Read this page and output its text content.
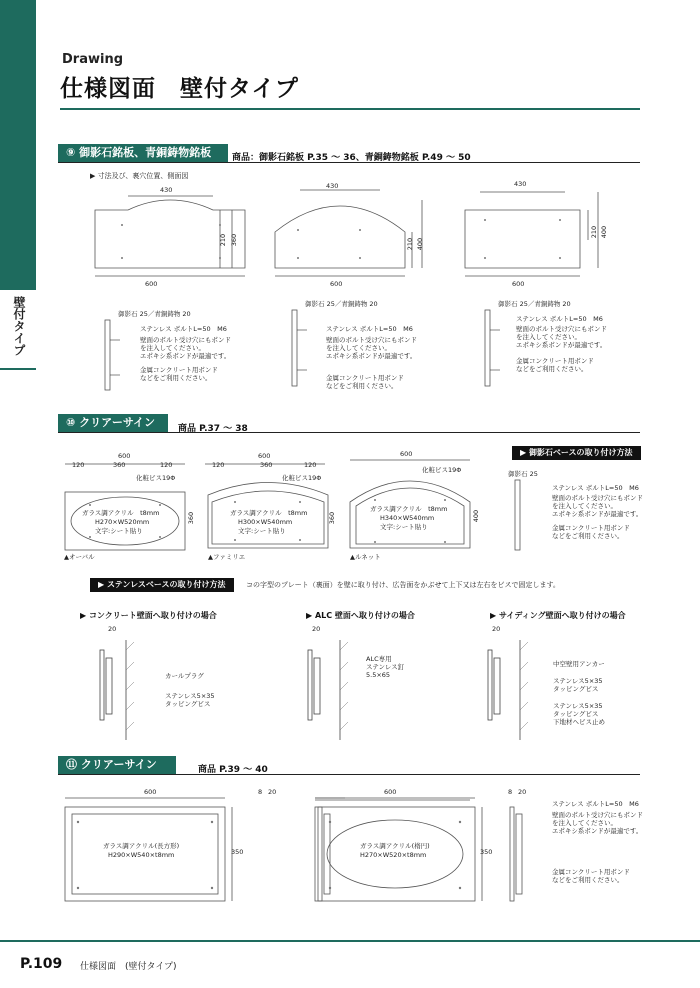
壁付タイプ
Drawing
仕様図面　壁付タイプ
⑨ 御影石銘板、青銅鋳物銘板	商品：御影石銘板 P.35 ～ 36、青銅鋳物銘板 P.49 ～ 50
▶ 寸法及び、裏穴位置、側面図
430
600
210 360
430
600
210 400
430
600
210 400
御影石 25／青銅鋳物 20
ステンレス ボルトL=50　M6
壁面のボルト受け穴にもボンド
を注入してください。
エポキシ系ボンドが最適です。
金属コンクリート用ボンド
などをご利用ください。
御影石 25／青銅鋳物 20
ステンレス ボルトL=50　M6
壁面のボルト受け穴にもボンド
を注入してください。
エポキシ系ボンドが最適です。
金属コンクリート用ボンド
などをご利用ください。
御影石 25／青銅鋳物 20
ステンレス ボルトL=50　M6
壁面のボルト受け穴にもボンド
を注入してください。
エポキシ系ボンドが最適です。
金属コンクリート用ボンド
などをご利用ください。
⑩ クリアーサイン	商品 P.37 ～ 38
600
120	360	120
化粧ビス19Φ
ガラス調アクリル　t8mm
H270×W520mm
文字:シート貼り
360
▲オーバル
600
120	360	120
化粧ビス19Φ
ガラス調アクリル　t8mm
H300×W540mm
文字:シート貼り
360
▲ファミリエ
600
化粧ビス19Φ
ガラス調アクリル　t8mm
H340×W540mm
文字:シート貼り
400
▲ルネット
▶ 御影石ベースの取り付け方法
御影石 25
ステンレス ボルトL=50　M6
壁面のボルト受け穴にもボンド
を注入してください。
エポキシ系ボンドが最適です。
金属コンクリート用ボンド
などをご利用ください。
▶ ステンレスベースの取り付け方法	コの字型のプレート（裏面）を壁に取り付け、広告面をかぶせて上下又は左右をビスで固定します。
▶ コンクリート壁面へ取り付けの場合	▶ ALC 壁面へ取り付けの場合	▶ サイディング壁面へ取り付けの場合
20
カールプラグ
ステンレス5×35
タッピングビス
20
ALC専用
ステンレス釘
5.5×65
20
中空壁用アンカー
ステンレス5×35
タッピングビス
ステンレス5×35
タッピングビス
下地材へビス止め
⑪ クリアーサイン EX
商品 P.39 ～ 40
600
ガラス調アクリル(長方形)
H290×W540×t8mm	350
8 20	600
ガラス調アクリル(楕円)
H270×W520×t8mm	350
8 20
ステンレス ボルトL=50　M6
壁面のボルト受け穴にもボンド
を注入してください。
エポキシ系ボンドが最適です。
金属コンクリート用ボンド
などをご利用ください。
P.109 仕様図面　(壁付タイプ)
